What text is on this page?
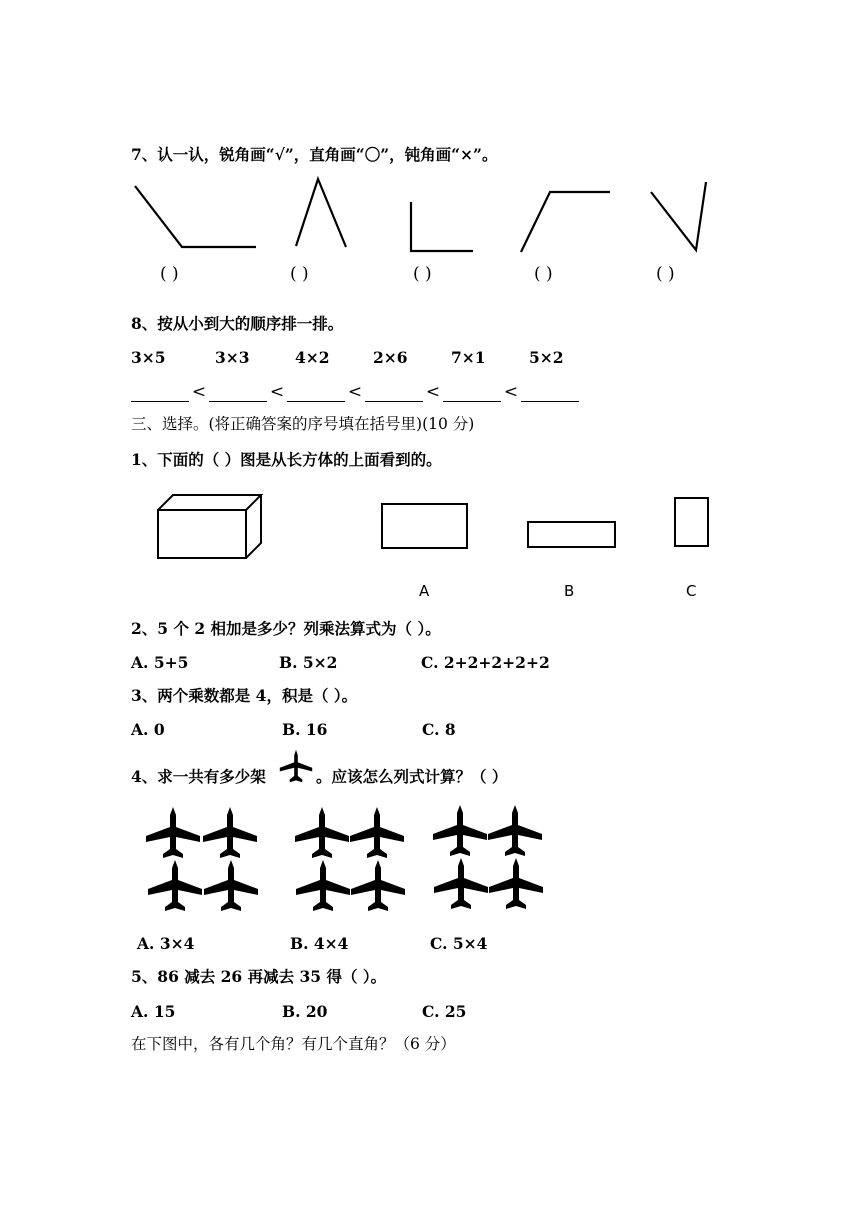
7、认一认，锐角画“√”，直角画“〇”，钝角画“×”。
( )	( )	( )	( )	( )
8、按从小到大的顺序排一排。
3×5	3×3	4×2	2×6	7×1	5×2
<	<	<	<	<
三、选择。(将正确答案的序号填在括号里)(10 分)
1、下面的（ ）图是从长方体的上面看到的。
A	B	C
2、5 个 2 相加是多少？列乘法算式为（ ）。
A. 5+5	B. 5×2	C. 2+2+2+2+2
3、两个乘数都是 4，积是（ ）。
A. 0	B. 16	C. 8
4、求一共有多少架	。应该怎么列式计算？（ ）
A. 3×4	B. 4×4	C. 5×4
5、86 减去 26 再减去 35 得（ ）。
A. 15	B. 20	C. 25
在下图中，各有几个角？有几个直角？（6 分）
